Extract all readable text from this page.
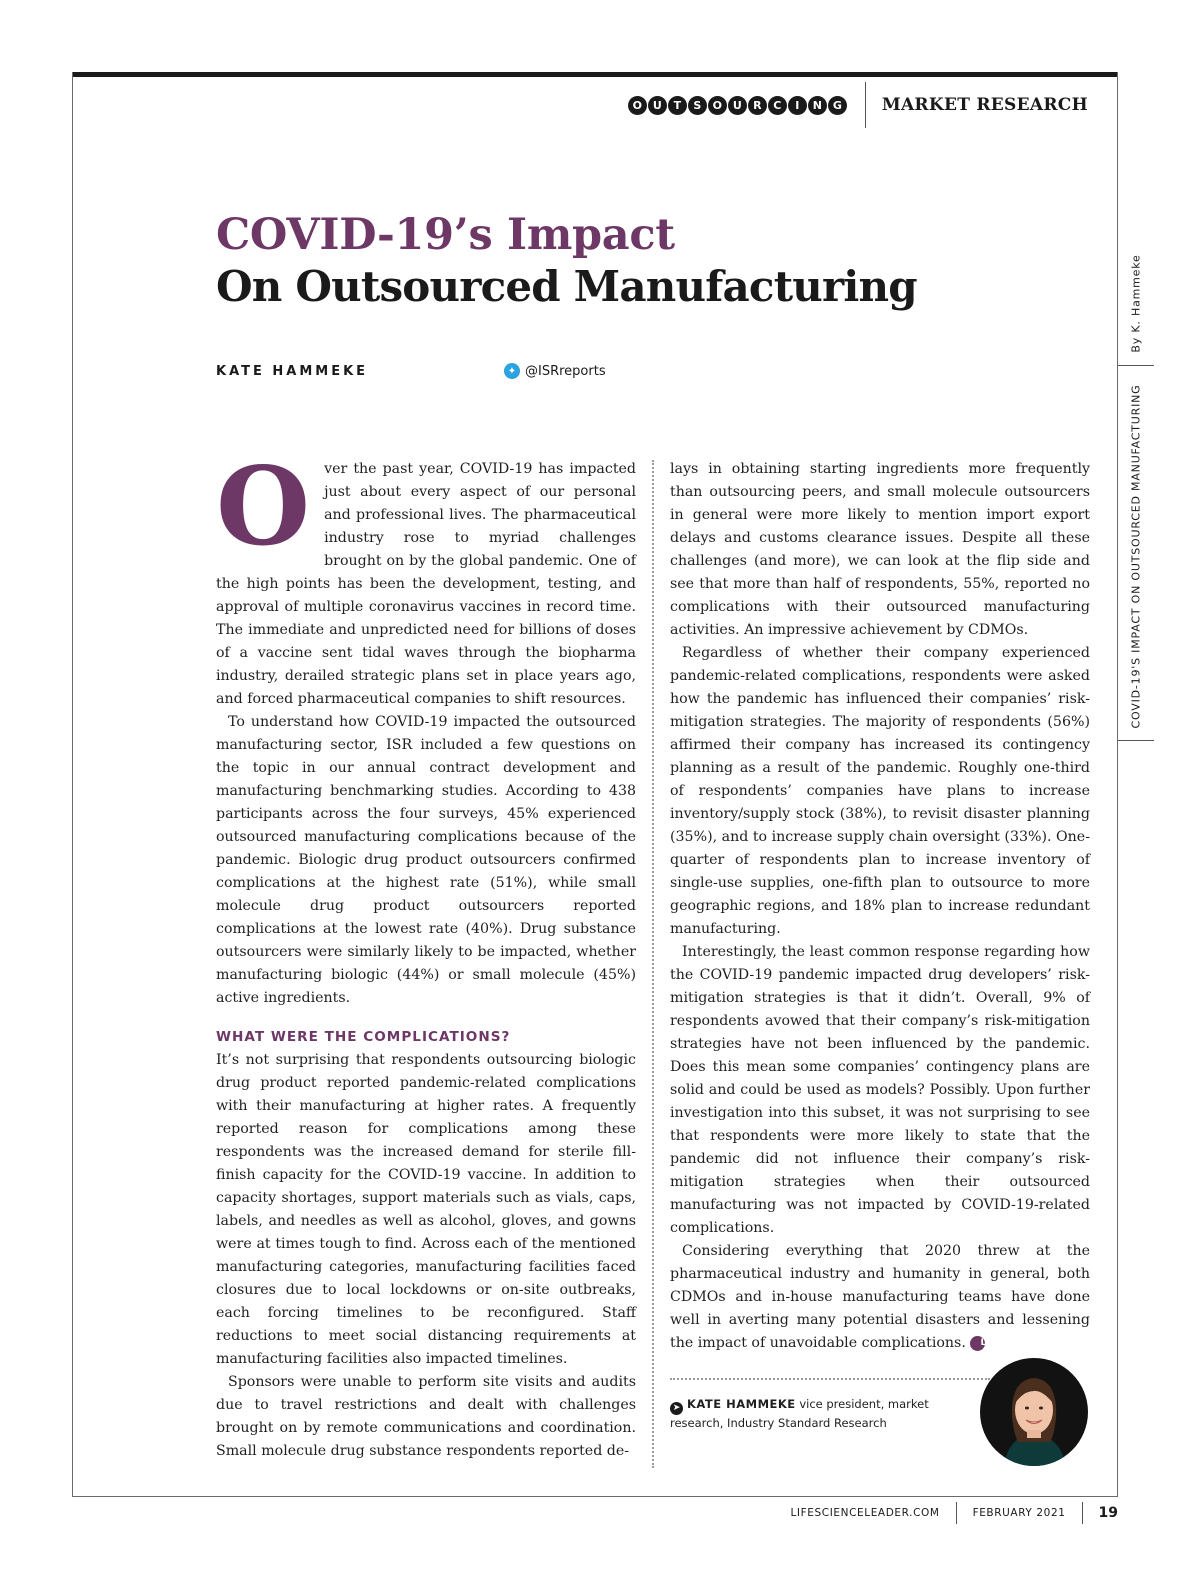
O U	T	S	O U	R	C	I	N G MARKET RESEARCH
By K. Hammeke
COVID-19'S IMPACT ON OUTSOURCED MANUFACTURING
COVID-19’s Impact
On Outsourced Manufacturing
KATE HAMMEKE	✦ @ISRreports

Over the past year, COVID-19 has impacted just about every aspect of our personal and professional lives. The pharmaceutical industry rose to myriad challenges brought on by the global pandemic. One of the high points has been the development, testing, and approval of multiple coronavirus vaccines in record time. The immediate and unpredicted need for billions of doses of a vaccine sent tidal waves through the biopharma industry, derailed strategic plans set in place years ago, and forced pharmaceutical companies to shift resources.

To understand how COVID-19 impacted the outsourced manufacturing sector, ISR included a few questions on the topic in our annual contract development and manufacturing benchmarking studies. According to 438 participants across the four surveys, 45% experienced outsourced manufacturing complications because of the pandemic. Biologic drug product outsourcers confirmed complications at the highest rate (51%), while small molecule drug product outsourcers reported complications at the lowest rate (40%). Drug substance outsourcers were similarly likely to be impacted, whether manufacturing biologic (44%) or small molecule (45%) active ingredients.

WHAT WERE THE COMPLICATIONS?

It’s not surprising that respondents outsourcing biologic drug product reported pandemic-related complications with their manufacturing at higher rates. A frequently reported reason for complications among these respondents was the increased demand for sterile fill-finish capacity for the COVID-19 vaccine. In addition to capacity shortages, support materials such as vials, caps, labels, and needles as well as alcohol, gloves, and gowns were at times tough to find. Across each of the mentioned manufacturing categories, manufacturing facilities faced closures due to local lockdowns or on-site outbreaks, each forcing timelines to be reconfigured. Staff reductions to meet social distancing requirements at manufacturing facilities also impacted timelines.

Sponsors were unable to perform site visits and audits due to travel restrictions and dealt with challenges brought on by remote communications and coordination. Small molecule drug substance respondents reported de-

lays in obtaining starting ingredients more frequently than outsourcing peers, and small molecule outsourcers in general were more likely to mention import export delays and customs clearance issues. Despite all these challenges (and more), we can look at the flip side and see that more than half of respondents, 55%, reported no complications with their outsourced manufacturing activities. An impressive achievement by CDMOs.

Regardless of whether their company experienced pandemic-related complications, respondents were asked how the pandemic has influenced their companies’ risk-mitigation strategies. The majority of respondents (56%) affirmed their company has increased its contingency planning as a result of the pandemic. Roughly one-third of respondents’ companies have plans to increase inventory/supply stock (38%), to revisit disaster planning (35%), and to increase supply chain oversight (33%). One-quarter of respondents plan to increase inventory of single-use supplies, one-fifth plan to outsource to more geographic regions, and 18% plan to increase redundant manufacturing.

Interestingly, the least common response regarding how the COVID-19 pandemic impacted drug developers’ risk-mitigation strategies is that it didn’t. Overall, 9% of respondents avowed that their company’s risk-mitigation strategies have not been influenced by the pandemic. Does this mean some companies’ contingency plans are solid and could be used as models? Possibly. Upon further investigation into this subset, it was not surprising to see that respondents were more likely to state that the pandemic did not influence their company’s risk-mitigation strategies when their outsourced manufacturing was not impacted by COVID-19-related complications.

Considering everything that 2020 threw at the pharmaceutical industry and humanity in general, both CDMOs and in-house manufacturing teams have done well in averting many potential disasters and lessening the impact of unavoidable complications. L

➤ KATE HAMMEKE vice president, market research, Industry Standard Research
LIFESCIENCELEADER.COM	FEBRUARY 2021 19
